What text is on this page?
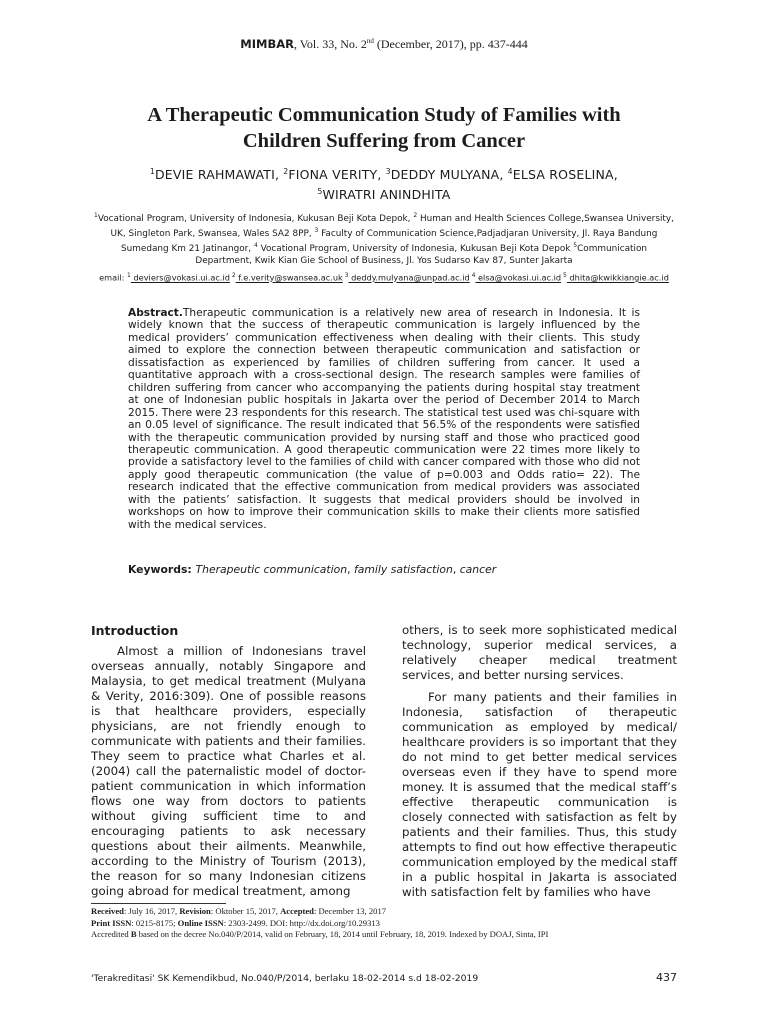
MIMBAR, Vol. 33, No. 2nd (December, 2017), pp. 437-444
A Therapeutic Communication Study of Families with
Children Suffering from Cancer
$^1$DEVIE RAHMAWATI, $^2$FIONA VERITY, $^3$DEDDY MULYANA, $^4$ELSA ROSELINA,
$^5$WIRATRI ANINDHITA
$^1$Vocational Program, University of Indonesia, Kukusan Beji Kota Depok, $^2$ Human and Health Sciences College,Swansea University, UK, Singleton Park, Swansea, Wales SA2 8PP, $^3$ Faculty of Communication Science,Padjadjaran University, Jl. Raya Bandung Sumedang Km 21 Jatinangor, $^4$ Vocational Program, University of Indonesia, Kukusan Beji Kota Depok $^5$Communication Department, Kwik Kian Gie School of Business, Jl. Yos Sudarso Kav 87, Sunter Jakarta
email: $^1$ deviers@vokasi.ui.ac.id $^2$ f.e.verity@swansea.ac.uk $^3$ deddy.mulyana@unpad.ac.id $^4$ elsa@vokasi.ui.ac.id $^5$ dhita@kwikkiangie.ac.id
Abstract.Therapeutic communication is a relatively new area of research in Indonesia. It is widely known that the success of therapeutic communication is largely influenced by the medical providers’ communication effectiveness when dealing with their clients. This study aimed to explore the connection between therapeutic communication and satisfaction or dissatisfaction as experienced by families of children suffering from cancer. It used a quantitative approach with a cross-sectional design. The research samples were families of children suffering from cancer who accompanying the patients during hospital stay treatment at one of Indonesian public hospitals in Jakarta over the period of December 2014 to March 2015. There were 23 respondents for this research. The statistical test used was chi-square with an 0.05 level of significance. The result indicated that 56.5% of the respondents were satisfied with the therapeutic communication provided by nursing staff and those who practiced good therapeutic communication. A good therapeutic communication were 22 times more likely to provide a satisfactory level to the families of child with cancer compared with those who did not apply good therapeutic communication (the value of p=0.003 and Odds ratio= 22). The research indicated that the effective communication from medical providers was associated with the patients’ satisfaction. It suggests that medical providers should be involved in workshops on how to improve their communication skills to make their clients more satisfied with the medical services.
Keywords: Therapeutic communication, family satisfaction, cancer
Introduction

Almost a million of Indonesians travel overseas annually, notably Singapore and Malaysia, to get medical treatment (Mulyana & Verity, 2016:309). One of possible reasons is that healthcare providers, especially physicians, are not friendly enough to communicate with patients and their families. They seem to practice what Charles et al. (2004) call the paternalistic model of doctor-patient communication in which information flows one way from doctors to patients without giving sufficient time to and encouraging patients to ask necessary questions about their ailments. Meanwhile, according to the Ministry of Tourism (2013), the reason for so many Indonesian citizens going abroad for medical treatment, among

others, is to seek more sophisticated medical technology, superior medical services, a relatively cheaper medical treatment services, and better nursing services.

For many patients and their families in Indonesia, satisfaction of therapeutic communication as employed by medical/ healthcare providers is so important that they do not mind to get better medical services overseas even if they have to spend more money. It is assumed that the medical staff’s effective therapeutic communication is closely connected with satisfaction as felt by patients and their families. Thus, this study attempts to find out how effective therapeutic communication employed by the medical staff in a public hospital in Jakarta is associated with satisfaction felt by families who have

Received: July 16, 2017, Revision: Oktober 15, 2017, Accepted: December 13, 2017
Print ISSN: 0215-8175; Online ISSN: 2303-2499. DOI: http://dx.doi.org/10.29313
Accredited B based on the decree No.040/P/2014, valid on February, 18, 2014 until February, 18, 2019. Indexed by DOAJ, Sinta, IPI
'Terakreditasi' SK Kemendikbud, No.040/P/2014, berlaku 18-02-2014 s.d 18-02-2019	437
